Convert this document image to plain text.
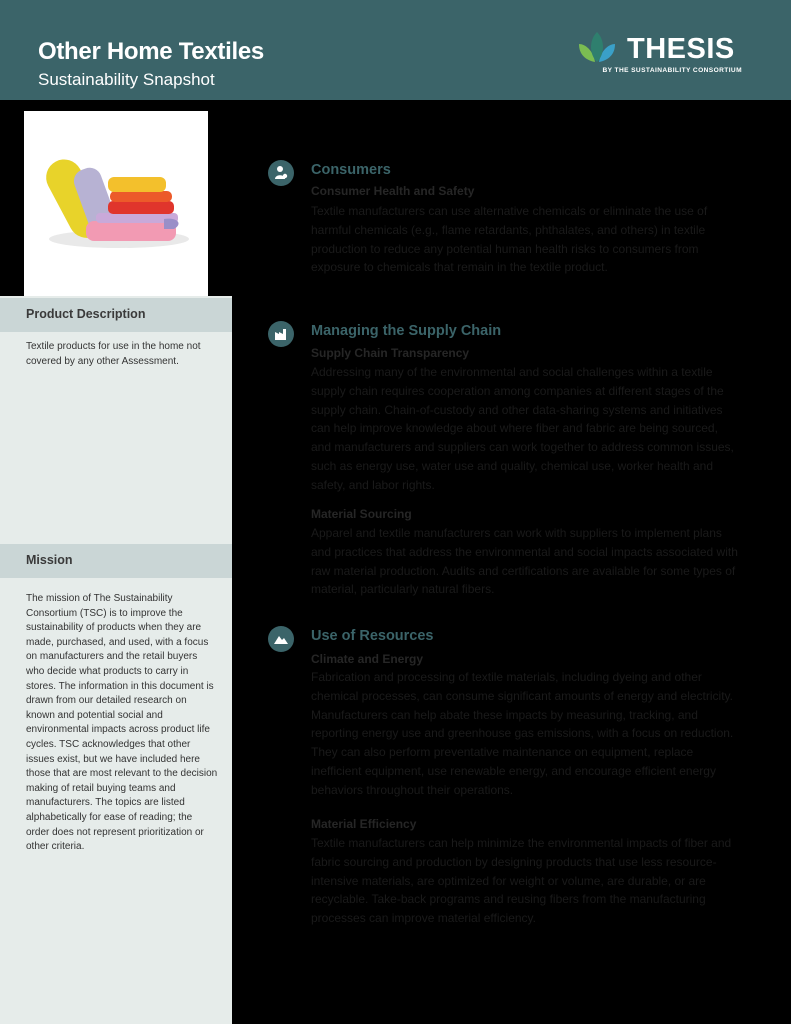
Other Home Textiles
Sustainability Snapshot
THESIS
BY THE SUSTAINABILITY CONSORTIUM
Product Description
Textile products for use in the home not covered by any other Assessment.
Mission
The mission of The Sustainability Consortium (TSC) is to improve the sustainability of products when they are made, purchased, and used, with a focus on manufacturers and the retail buyers who decide what products to carry in stores. The information in this document is drawn from our detailed research on known and potential social and environmental impacts across product life cycles. TSC acknowledges that other issues exist, but we have included here those that are most relevant to the decision making of retail buying teams and manufacturers. The topics are listed alphabetically for ease of reading; the order does not represent prioritization or other criteria.
Consumers
Consumer Health and Safety
Textile manufacturers can use alternative chemicals or eliminate the use of harmful chemicals (e.g., flame retardants, phthalates, and others) in textile production to reduce any potential human health risks to consumers from exposure to chemicals that remain in the textile product.
Managing the Supply Chain
Supply Chain Transparency
Addressing many of the environmental and social challenges within a textile supply chain requires cooperation among companies at different stages of the supply chain. Chain-of-custody and other data-sharing systems and initiatives can help improve knowledge about where fiber and fabric are being sourced, and manufacturers and suppliers can work together to address common issues, such as energy use, water use and quality, chemical use, worker health and safety, and labor rights.
Material Sourcing
Apparel and textile manufacturers can work with suppliers to implement plans and practices that address the environmental and social impacts associated with raw material production. Audits and certifications are available for some types of material, particularly natural fibers.
Use of Resources
Climate and Energy
Fabrication and processing of textile materials, including dyeing and other chemical processes, can consume significant amounts of energy and electricity. Manufacturers can help abate these impacts by measuring, tracking, and reporting energy use and greenhouse gas emissions, with a focus on reduction. They can also perform preventative maintenance on equipment, replace inefficient equipment, use renewable energy, and encourage efficient energy behaviors throughout their operations.
Material Efficiency
Textile manufacturers can help minimize the environmental impacts of fiber and fabric sourcing and production by designing products that use less resource-intensive materials, are optimized for weight or volume, are durable, or are recyclable. Take-back programs and reusing fibers from the manufacturing processes can improve material efficiency.
